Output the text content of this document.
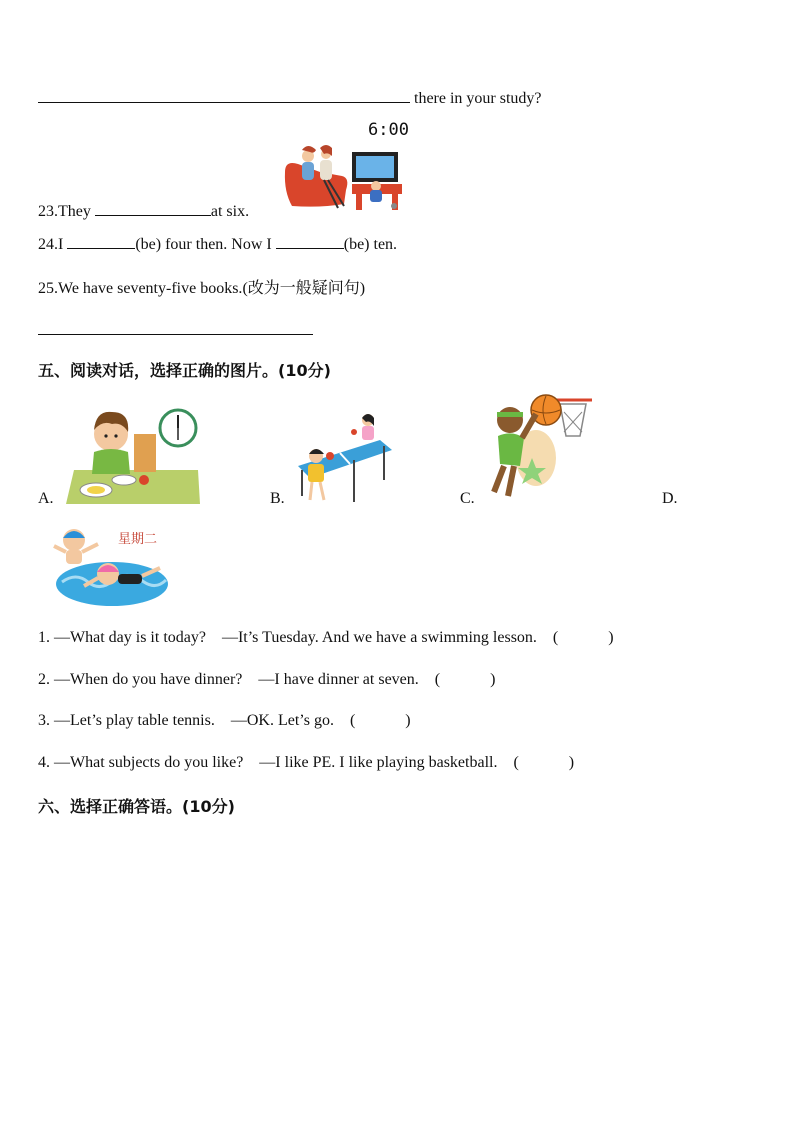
there in your study?
6:00
23.They	at six.
24.I	(be) four then. Now I	(be) ten.
25.We have seventy-five books.(改为一般疑问句)
五、阅读对话，选择正确的图片。(10分)
A.	B.	C.	D.
星期二
1. —What day is it today?    —It’s Tuesday. And we have a swimming lesson. (	)
2. —When do you have dinner?    —I have dinner at seven. (	)
3. —Let’s play table tennis.    —OK. Let’s go. (	)
4. —What subjects do you like?    —I like PE. I like playing basketball. (	)
六、选择正确答语。(10分)
